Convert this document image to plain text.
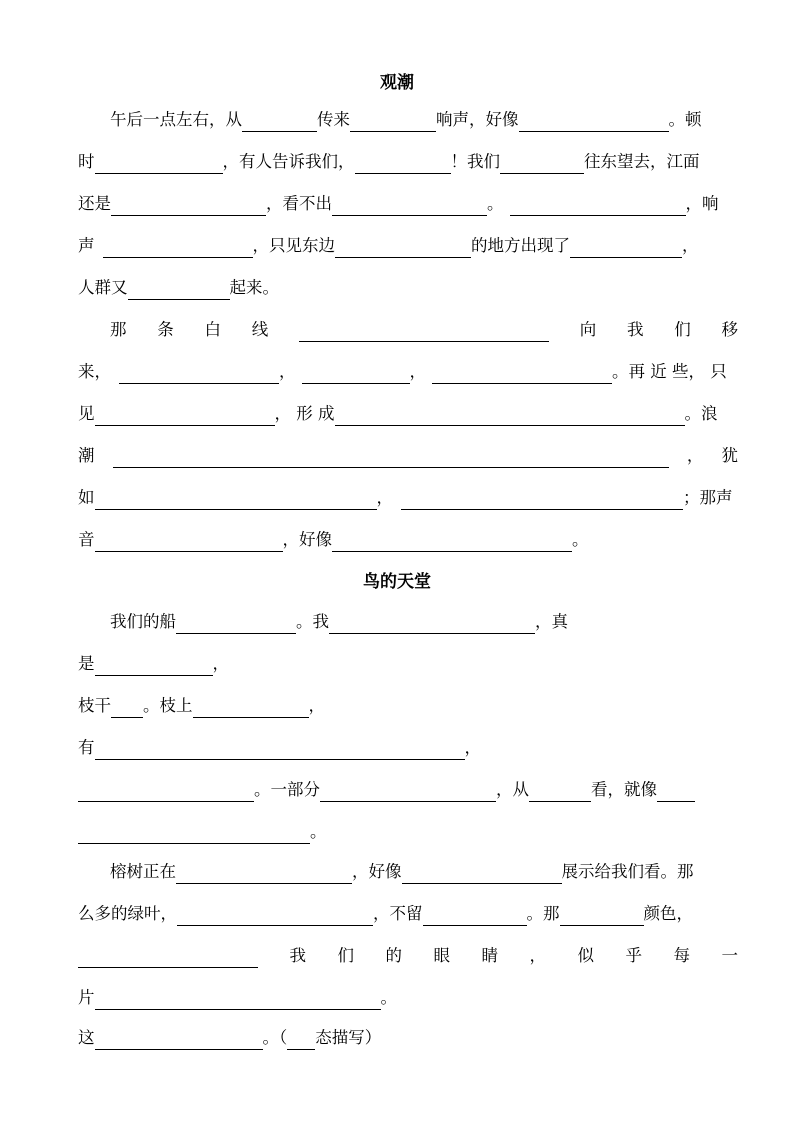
观潮
午后一点左右，从	传来	响声，好像	。顿
时	，有人告诉我们，	！我们	往东望去，江面
还是	，看不出	。	，响
声	，只见东边	的地方出现了	，
人群又	起来。
那 条 白 线	向 我 们 移
来，	，	，	。再 近 些， 只
见	， 形 成	。浪
潮	， 犹
如	，	；那声
音	，好像	。
鸟的天堂
我们的船	。我	，真
是	，
枝干 。枝上	，
有	，
。一部分	，从	看，就像
。
榕树正在	，好像	展示给我们看。那
么多的绿叶，	，不留	。那	颜色，
我 们 的 眼 睛 ， 似 乎 每 一
片	。
这	。（ 态描写）
